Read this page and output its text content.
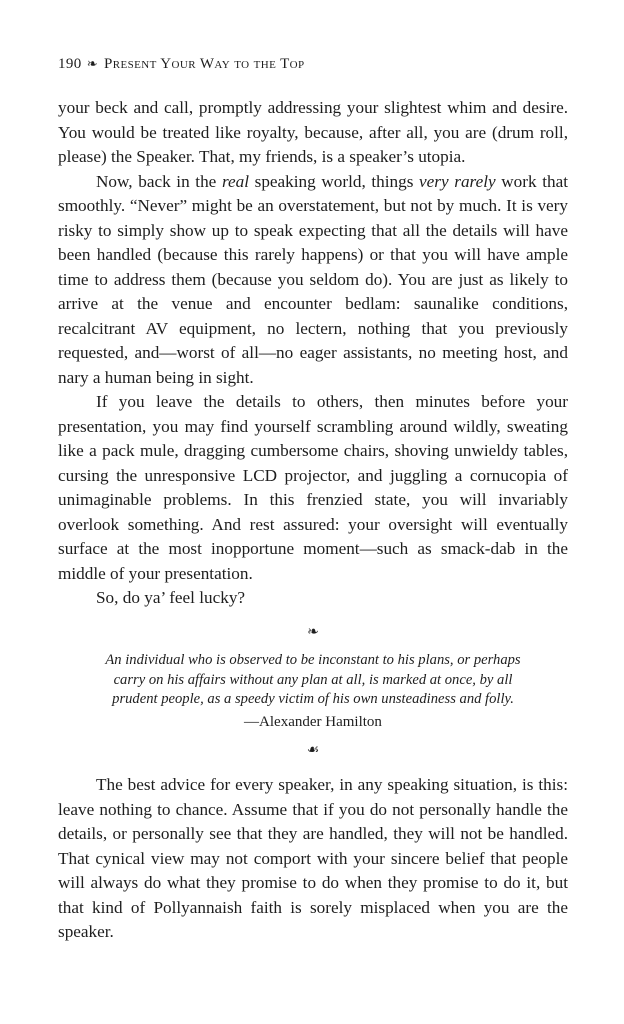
190 ❧ Present Your Way to the Top

your beck and call, promptly addressing your slightest whim and desire. You would be treated like royalty, because, after all, you are (drum roll, please) the Speaker. That, my friends, is a speaker’s utopia.

Now, back in the real speaking world, things very rarely work that smoothly. “Never” might be an overstatement, but not by much. It is very risky to simply show up to speak expecting that all the details will have been handled (because this rarely happens) or that you will have ample time to address them (because you seldom do). You are just as likely to arrive at the venue and encounter bedlam: saunalike conditions, recalcitrant AV equipment, no lectern, nothing that you previously requested, and—worst of all—no eager assistants, no meeting host, and nary a human being in sight.

If you leave the details to others, then minutes before your presentation, you may find yourself scrambling around wildly, sweating like a pack mule, dragging cumbersome chairs, shoving unwieldy tables, cursing the unresponsive LCD projector, and juggling a cornucopia of unimaginable problems. In this frenzied state, you will invariably overlook something. And rest assured: your oversight will eventually surface at the most inopportune moment—such as smack-dab in the middle of your presentation.

So, do ya’ feel lucky?

❧
An individual who is observed to be inconstant to his plans, or perhaps
carry on his affairs without any plan at all, is marked at once, by all
prudent people, as a speedy victim of his own unsteadiness and folly.
—Alexander Hamilton
☙

The best advice for every speaker, in any speaking situation, is this: leave nothing to chance. Assume that if you do not personally handle the details, or personally see that they are handled, they will not be handled. That cynical view may not comport with your sincere belief that people will always do what they promise to do when they promise to do it, but that kind of Pollyannaish faith is sorely misplaced when you are the speaker.
